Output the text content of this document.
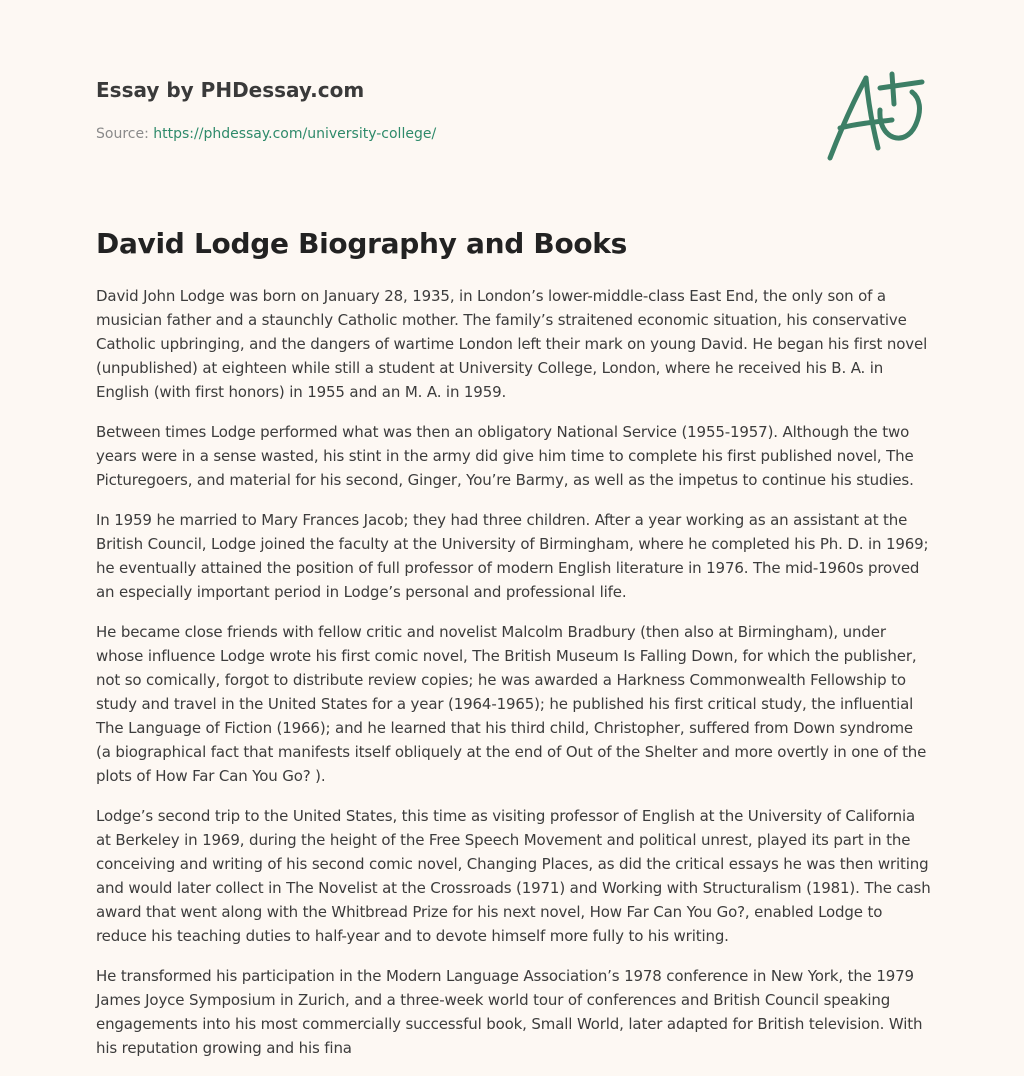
Essay by PHDessay.com
Source: https://phdessay.com/university-college/
David Lodge Biography and Books

David John Lodge was born on January 28, 1935, in London’s lower-middle-class East End, the only son of a musician father and a staunchly Catholic mother. The family’s straitened economic situation, his conservative Catholic upbringing, and the dangers of wartime London left their mark on young David. He began his first novel (unpublished) at eighteen while still a student at University College, London, where he received his B. A. in English (with first honors) in 1955 and an M. A. in 1959.

Between times Lodge performed what was then an obligatory National Service (1955-1957). Although the two years were in a sense wasted, his stint in the army did give him time to complete his first published novel, The Picturegoers, and material for his second, Ginger, You’re Barmy, as well as the impetus to continue his studies.

In 1959 he married to Mary Frances Jacob; they had three children. After a year working as an assistant at the British Council, Lodge joined the faculty at the University of Birmingham, where he completed his Ph. D. in 1969; he eventually attained the position of full professor of modern English literature in 1976. The mid-1960s proved an especially important period in Lodge’s personal and professional life.

He became close friends with fellow critic and novelist Malcolm Bradbury (then also at Birmingham), under whose influence Lodge wrote his first comic novel, The British Museum Is Falling Down, for which the publisher, not so comically, forgot to distribute review copies; he was awarded a Harkness Commonwealth Fellowship to study and travel in the United States for a year (1964-1965); he published his first critical study, the influential The Language of Fiction (1966); and he learned that his third child, Christopher, suffered from Down syndrome (a biographical fact that manifests itself obliquely at the end of Out of the Shelter and more overtly in one of the plots of How Far Can You Go? ).

Lodge’s second trip to the United States, this time as visiting professor of English at the University of California at Berkeley in 1969, during the height of the Free Speech Movement and political unrest, played its part in the conceiving and writing of his second comic novel, Changing Places, as did the critical essays he was then writing and would later collect in The Novelist at the Crossroads (1971) and Working with Structuralism (1981). The cash award that went along with the Whitbread Prize for his next novel, How Far Can You Go?, enabled Lodge to reduce his teaching duties to half-year and to devote himself more fully to his writing.

He transformed his participation in the Modern Language Association’s 1978 conference in New York, the 1979 James Joyce Symposium in Zurich, and a three-week world tour of conferences and British Council speaking engagements into his most commercially successful book, Small World, later adapted for British television. With his reputation growing and his fina
